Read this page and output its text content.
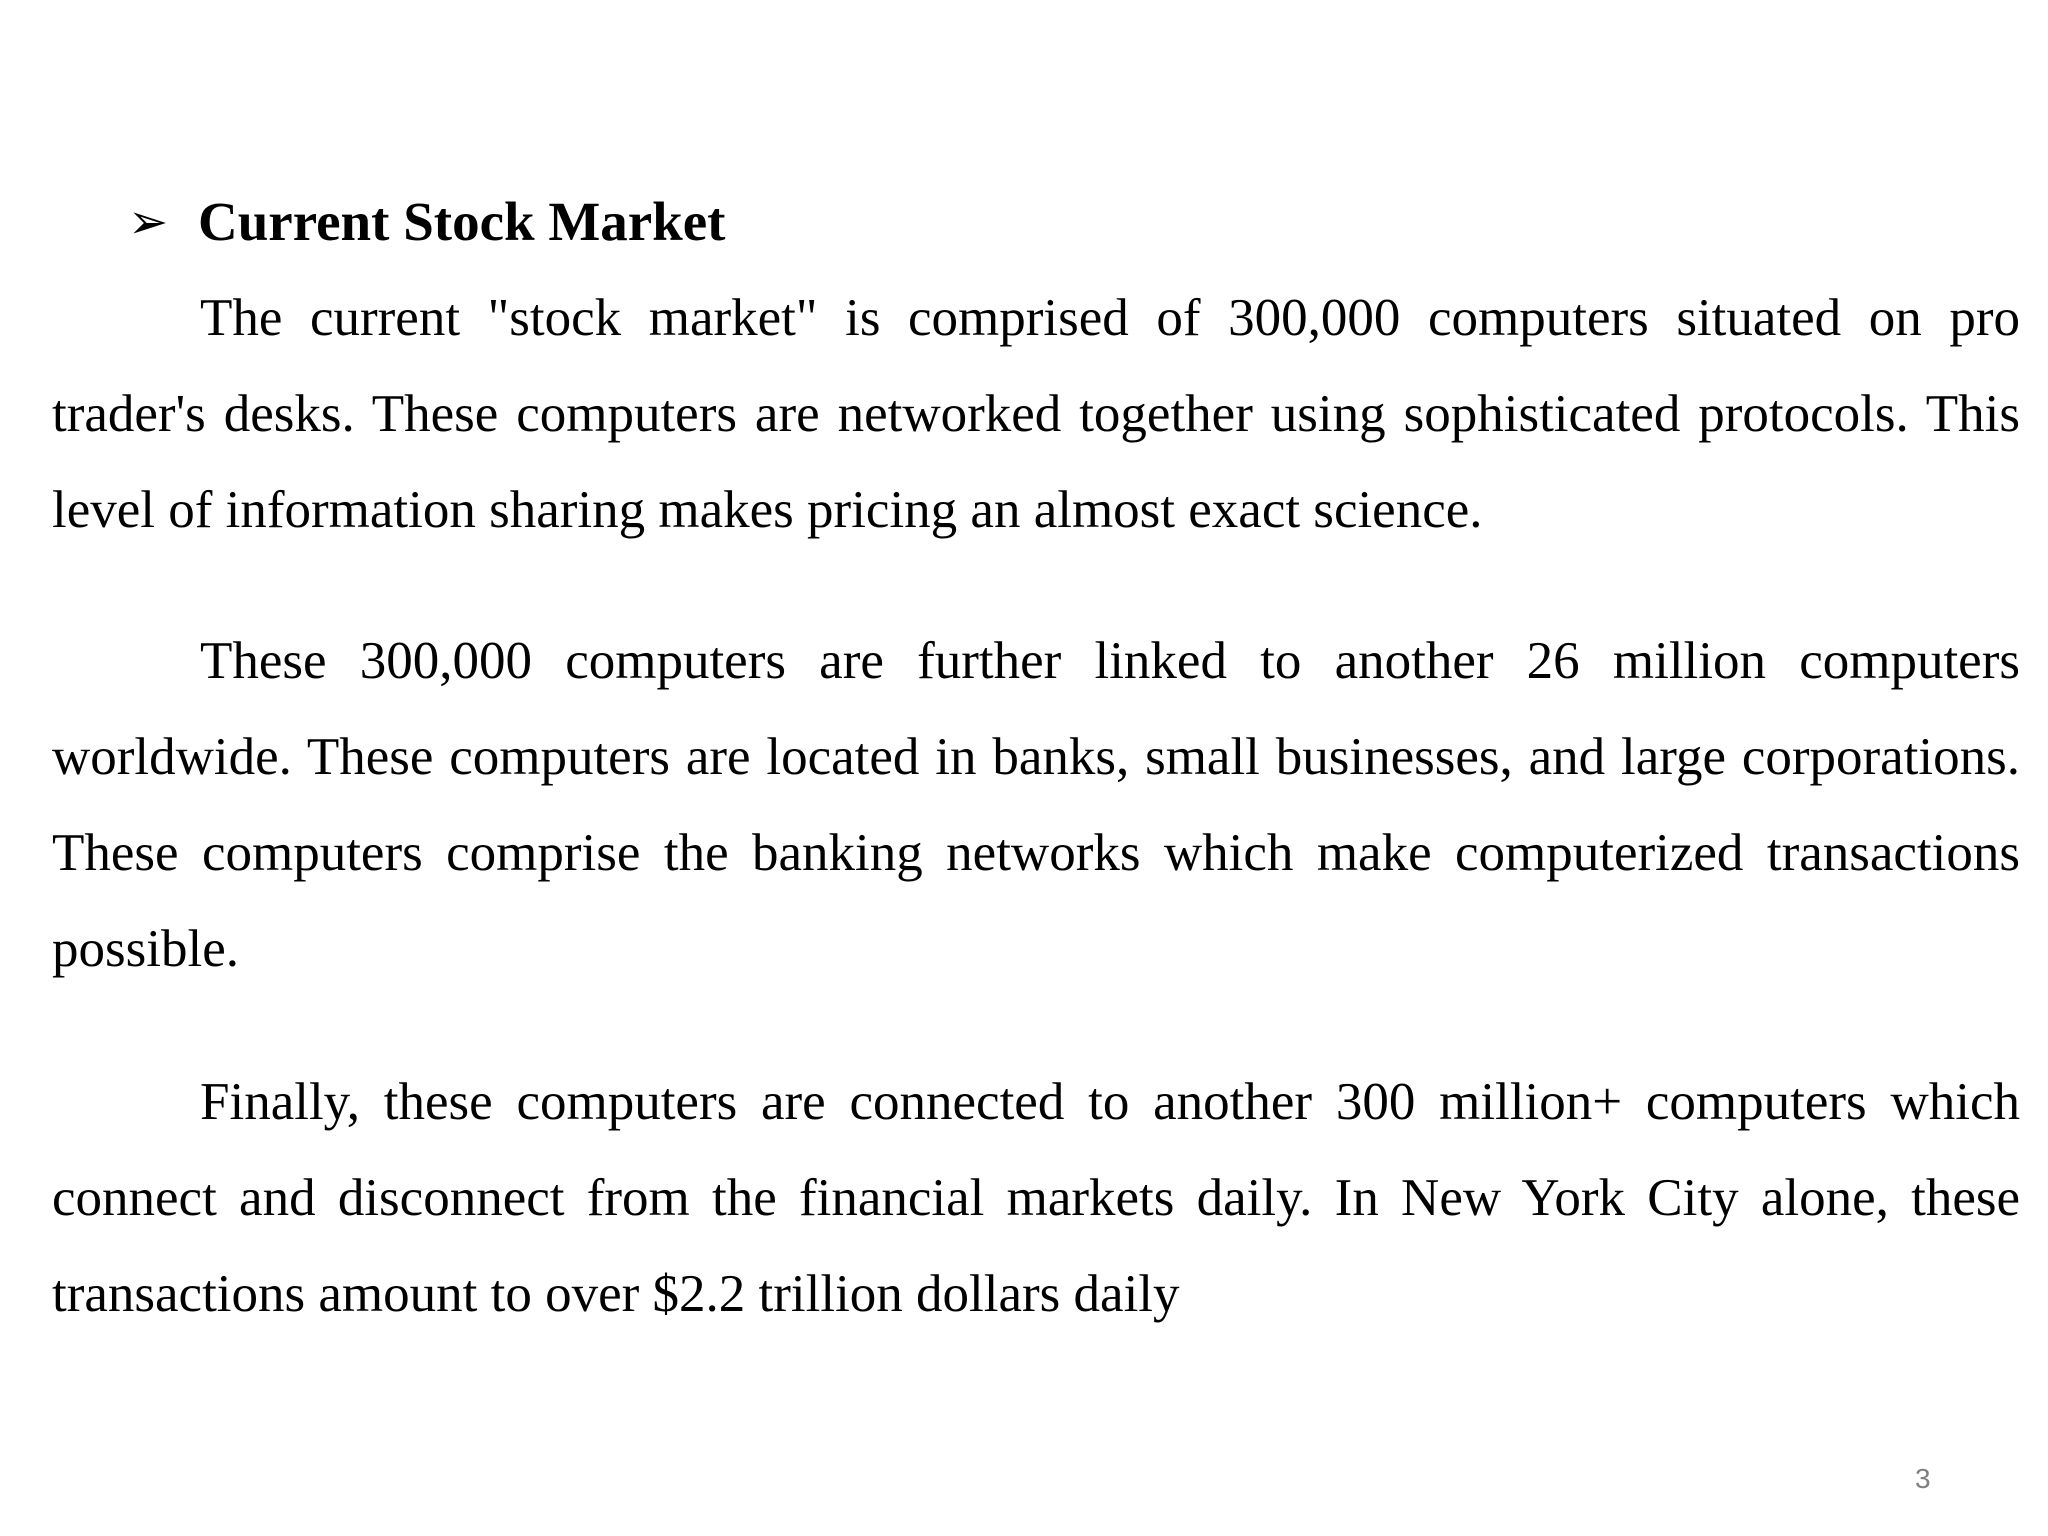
➢ Current Stock Market

The current "stock market" is comprised of 300,000 computers situated on pro trader's desks. These computers are networked together using sophisticated protocols. This level of information sharing makes pricing an almost exact science.

These 300,000 computers are further linked to another 26 million computers worldwide. These computers are located in banks, small businesses, and large corporations. These computers comprise the banking networks which make computerized transactions possible.

Finally, these computers are connected to another 300 million+ computers which connect and disconnect from the financial markets daily. In New York City alone, these transactions amount to over $2.2 trillion dollars daily

3
